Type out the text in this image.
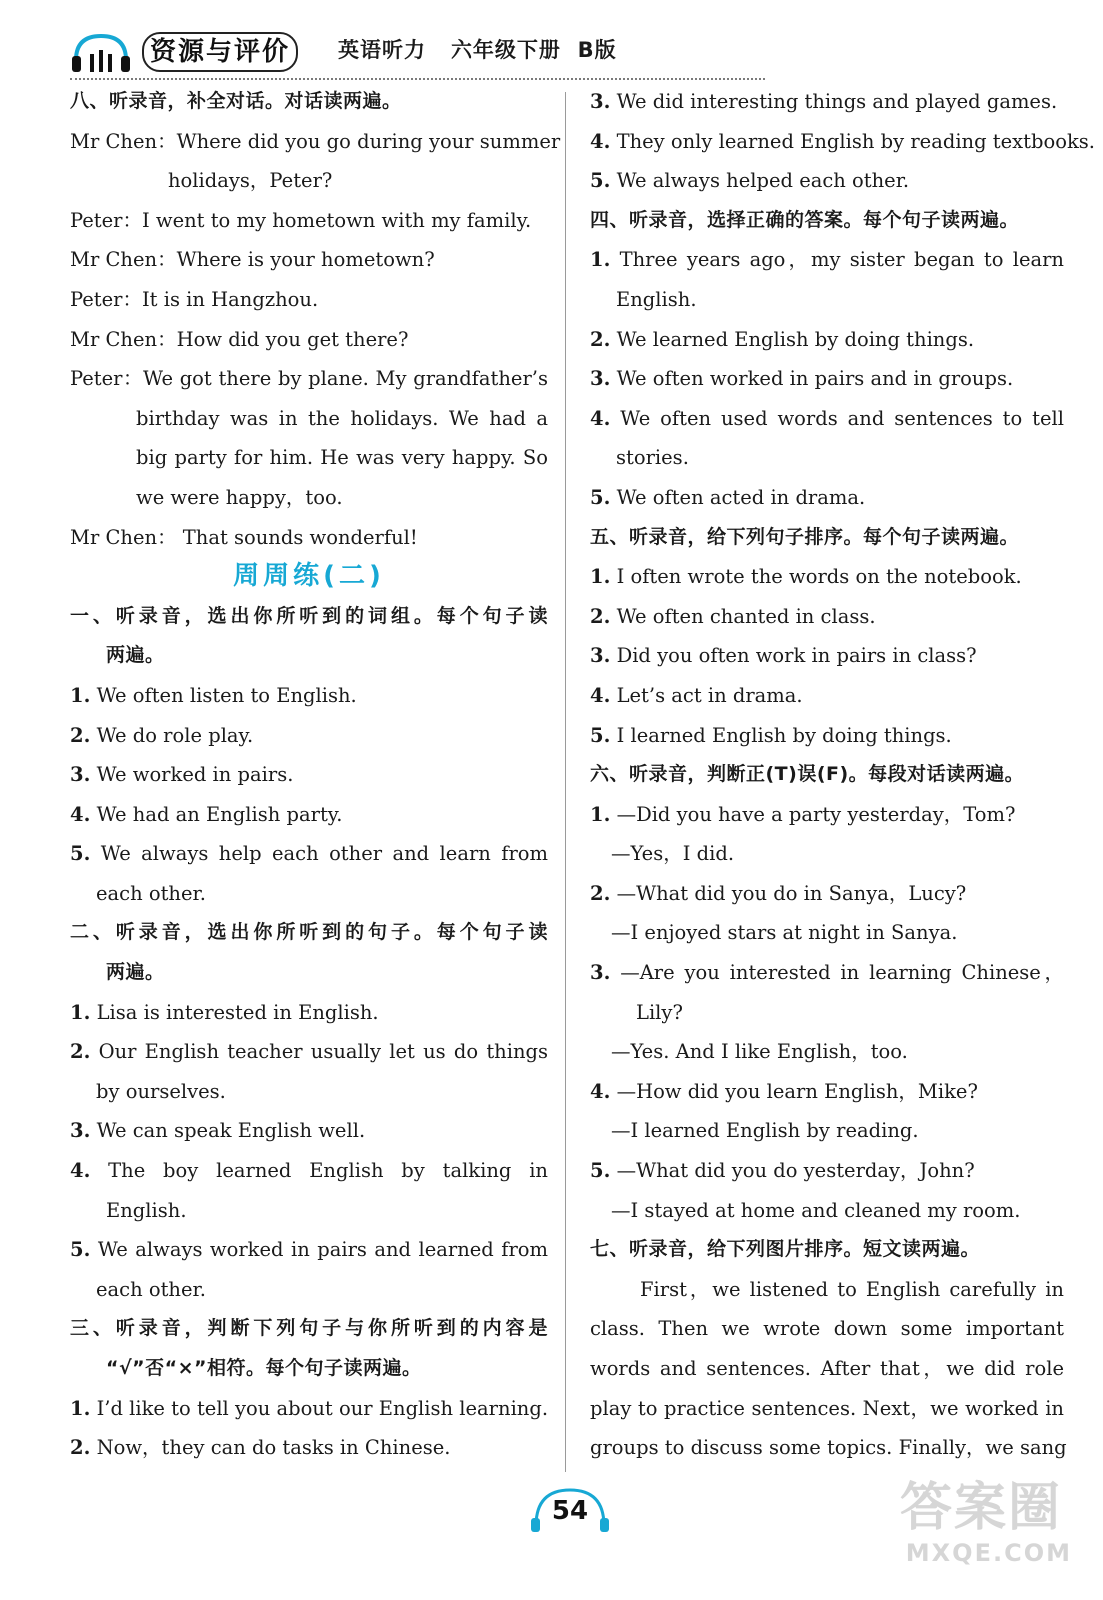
资源与评价	英语听力 六年级下册 B版
八、听录音，补全对话。对话读两遍。
Mr Chen：Where did you go during your summer
holidays，Peter?
Peter：I went to my hometown with my family.
Mr Chen：Where is your hometown?
Peter：It is in Hangzhou.
Mr Chen：How did you get there?
Peter：We got there by plane. My grandfather’s
birthday was in the holidays. We had a
big party for him. He was very happy. So
we were happy，too.
Mr Chen： That sounds wonderful!
周周练(二)
一、听录音，选出你所听到的词组。每个句子读
两遍。
1. We often listen to English.
2. We do role play.
3. We worked in pairs.
4. We had an English party.
5. We always help each other and learn from
each other.
二、听录音，选出你所听到的句子。每个句子读
两遍。
1. Lisa is interested in English.
2. Our English teacher usually let us do things
by ourselves.
3. We can speak English well.
4. The boy learned English by talking in
English.
5. We always worked in pairs and learned from
each other.
三、听录音，判断下列句子与你所听到的内容是
“√”否“×”相符。每个句子读两遍。
1. I’d like to tell you about our English learning.
2. Now，they can do tasks in Chinese.
3. We did interesting things and played games.
4. They only learned English by reading textbooks.
5. We always helped each other.
四、听录音，选择正确的答案。每个句子读两遍。
1. Three years ago，my sister began to learn
English.
2. We learned English by doing things.
3. We often worked in pairs and in groups.
4. We often used words and sentences to tell
stories.
5. We often acted in drama.
五、听录音，给下列句子排序。每个句子读两遍。
1. I often wrote the words on the notebook.
2. We often chanted in class.
3. Did you often work in pairs in class?
4. Let’s act in drama.
5. I learned English by doing things.
六、听录音，判断正(T)误(F)。每段对话读两遍。
1. —Did you have a party yesterday，Tom?
—Yes，I did.
2. —What did you do in Sanya，Lucy?
—I enjoyed stars at night in Sanya.
3. —Are you interested in learning Chinese，
Lily?
—Yes. And I like English，too.
4. —How did you learn English，Mike?
—I learned English by reading.
5. —What did you do yesterday，John?
—I stayed at home and cleaned my room.
七、听录音，给下列图片排序。短文读两遍。
First，we listened to English carefully in
class. Then we wrote down some important
words and sentences. After that，we did role
play to practice sentences. Next，we worked in
groups to discuss some topics. Finally，we sang
54	答案圈
MXQE.COM
